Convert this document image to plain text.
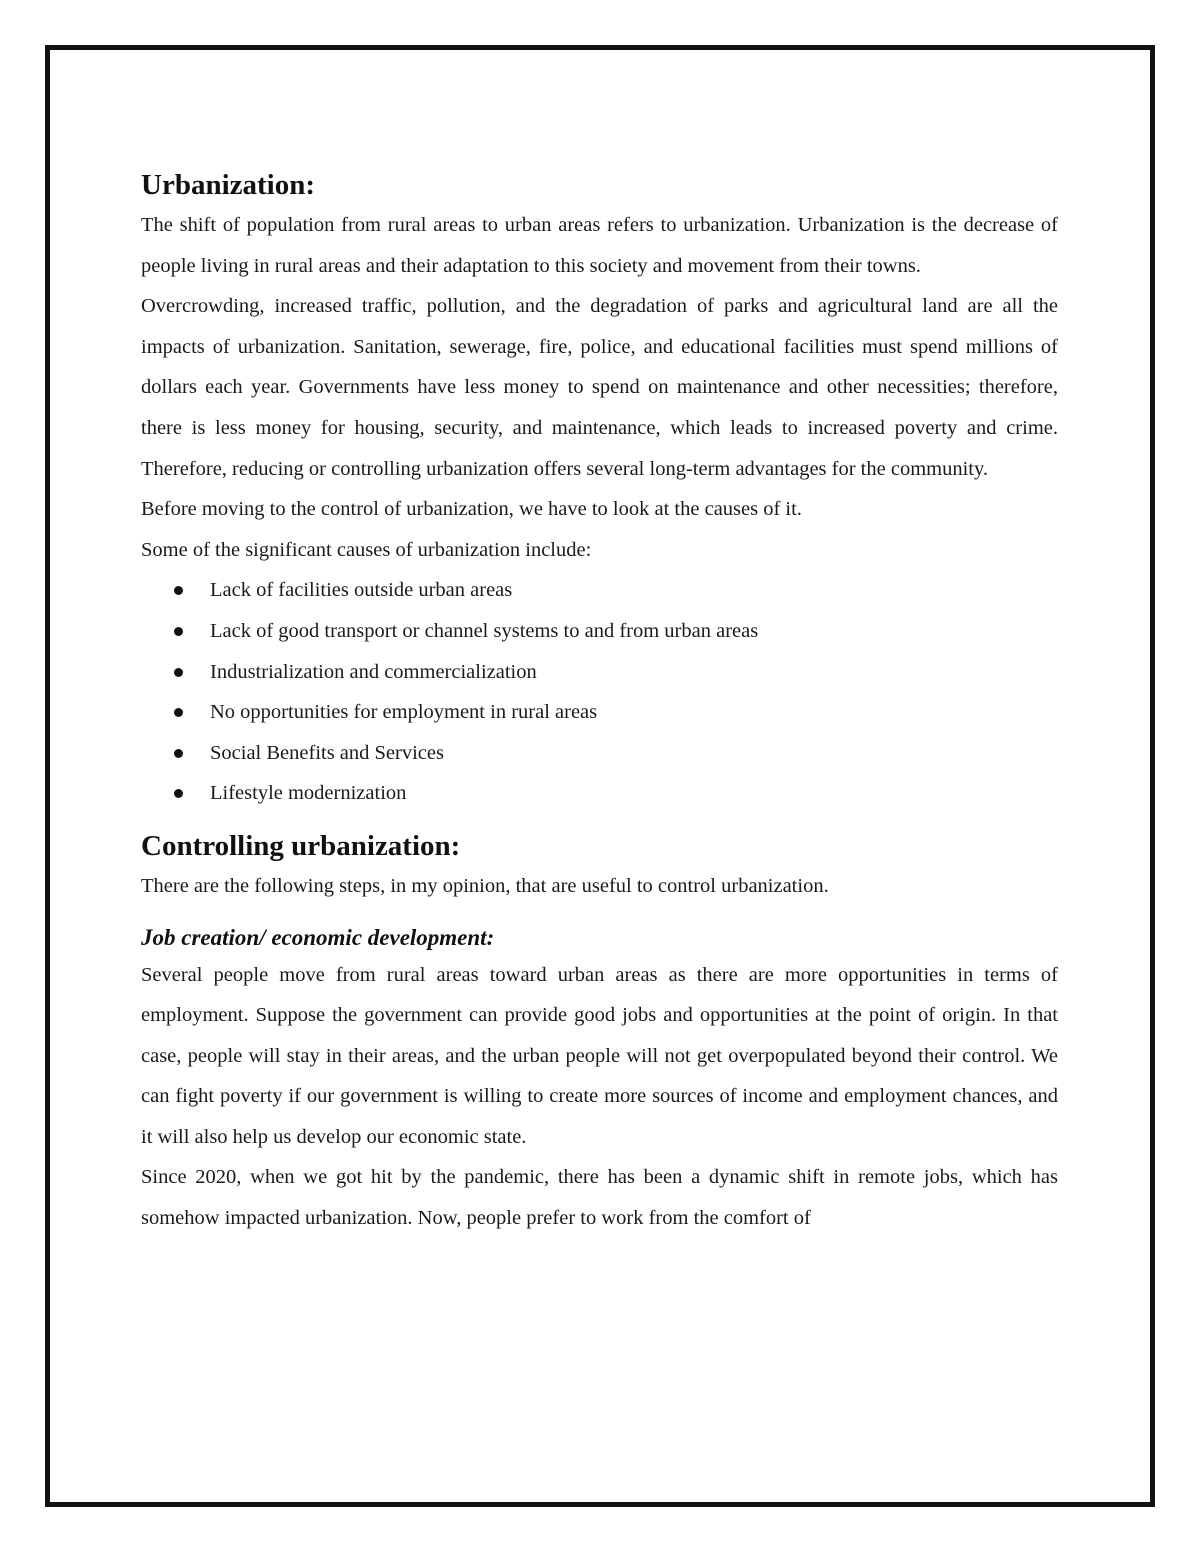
Urbanization:

The shift of population from rural areas to urban areas refers to urbanization. Urbanization is the decrease of people living in rural areas and their adaptation to this society and movement from their towns.

Overcrowding, increased traffic, pollution, and the degradation of parks and agricultural land are all the impacts of urbanization. Sanitation, sewerage, fire, police, and educational facilities must spend millions of dollars each year. Governments have less money to spend on maintenance and other necessities; therefore, there is less money for housing, security, and maintenance, which leads to increased poverty and crime. Therefore, reducing or controlling urbanization offers several long-term advantages for the community.

Before moving to the control of urbanization, we have to look at the causes of it.

Some of the significant causes of urbanization include:

Lack of facilities outside urban areas
Lack of good transport or channel systems to and from urban areas
Industrialization and commercialization
No opportunities for employment in rural areas
Social Benefits and Services
Lifestyle modernization
Controlling urbanization:

There are the following steps, in my opinion, that are useful to control urbanization.

Job creation/ economic development:

Several people move from rural areas toward urban areas as there are more opportunities in terms of employment. Suppose the government can provide good jobs and opportunities at the point of origin. In that case, people will stay in their areas, and the urban people will not get overpopulated beyond their control. We can fight poverty if our government is willing to create more sources of income and employment chances, and it will also help us develop our economic state.

Since 2020, when we got hit by the pandemic, there has been a dynamic shift in remote jobs, which has somehow impacted urbanization. Now, people prefer to work from the comfort of
